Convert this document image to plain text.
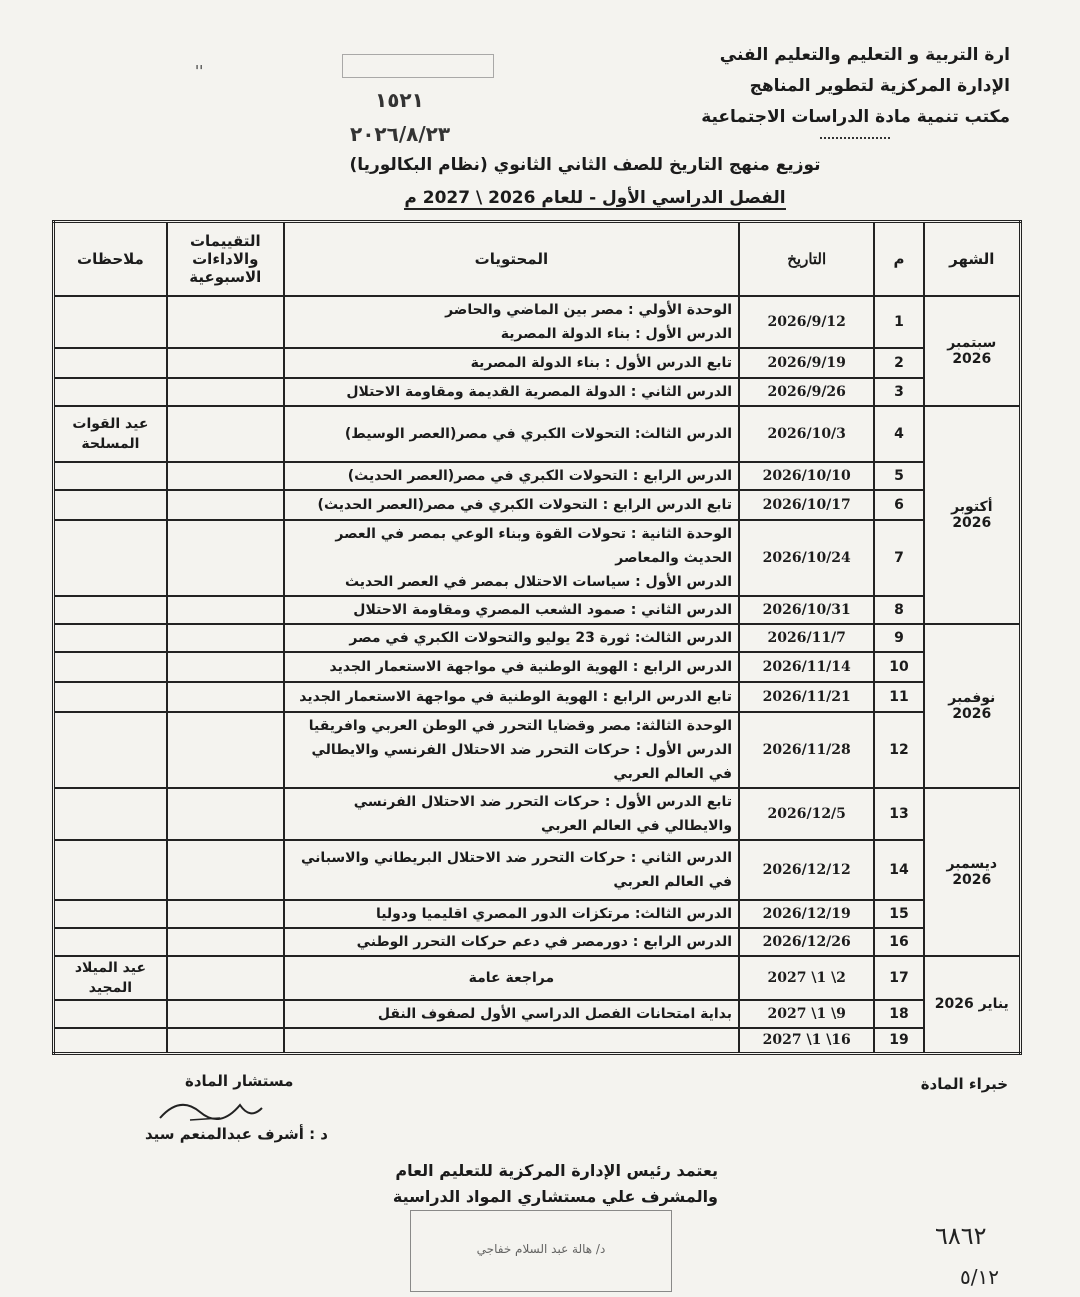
ارة التربية و التعليم والتعليم الفني
الإدارة المركزية لتطوير المناهج
مكتب تنمية مادة الدراسات الاجتماعية
١٥٢١
٢٠٢٦/٨/٢٣
''
توزيع منهج التاريخ للصف الثاني الثانوي (نظام البكالوريا)
الفصل الدراسي الأول - للعام 2026 \ 2027 م
الشهر	م	التاريخ	المحتويات	التقييمات والاداءات الاسبوعية	ملاحظات
سبتمبر 2026	1	2026/9/12	الوحدة الأولي : مصر بين الماضي والحاضر
الدرس الأول : بناء الدولة المصرية		
	2	2026/9/19	تابع الدرس الأول : بناء الدولة المصرية		
	3	2026/9/26	الدرس الثاني : الدولة المصرية القديمة ومقاومة الاحتلال		
أكتوبر 2026	4	2026/10/3	الدرس الثالث: التحولات الكبري في مصر(العصر الوسيط)		عيد القوات المسلحة
	5	2026/10/10	الدرس الرابع : التحولات الكبري في مصر(العصر الحديث)		
	6	2026/10/17	تابع الدرس الرابع : التحولات الكبري في مصر(العصر الحديث)		
	7	2026/10/24	الوحدة الثانية : تحولات القوة وبناء الوعي بمصر في العصر الحديث والمعاصر
الدرس الأول : سياسات الاحتلال بمصر في العصر الحديث		
	8	2026/10/31	الدرس الثاني : صمود الشعب المصري ومقاومة الاحتلال		
نوفمبر 2026	9	2026/11/7	الدرس الثالث: ثورة 23 يوليو والتحولات الكبري في مصر		
	10	2026/11/14	الدرس الرابع : الهوية الوطنية في مواجهة الاستعمار الجديد		
	11	2026/11/21	تابع الدرس الرابع : الهوية الوطنية في مواجهة الاستعمار الجديد		
	12	2026/11/28	الوحدة الثالثة: مصر وقضايا التحرر في الوطن العربي وافريقيا
الدرس الأول : حركات التحرر ضد الاحتلال الفرنسي والايطالي في العالم العربي		
ديسمبر 2026	13	2026/12/5	تابع الدرس الأول : حركات التحرر ضد الاحتلال الفرنسي والايطالي في العالم العربي		
	14	2026/12/12	الدرس الثاني : حركات التحرر ضد الاحتلال البريطاني والاسباني في العالم العربي		
	15	2026/12/19	الدرس الثالث: مرتكزات الدور المصري اقليميا ودوليا		
	16	2026/12/26	الدرس الرابع : دورمصر في دعم حركات التحرر الوطني		
يناير 2026	17	2027 \1 \2	مراجعة عامة		عيد الميلاد المجيد
	18	2027 \1 \9	بداية امتحانات الفصل الدراسي الأول لصفوف النقل		
	19	2027 \1 \16			
مستشار المادة	خبراء المادة
د : أشرف عبدالمنعم سيد
يعتمد رئيس الإدارة المركزية للتعليم العام
والمشرف علي مستشاري المواد الدراسية
د/ هالة عبد السلام خفاجي	٦٨٦٢
٥/١٢
